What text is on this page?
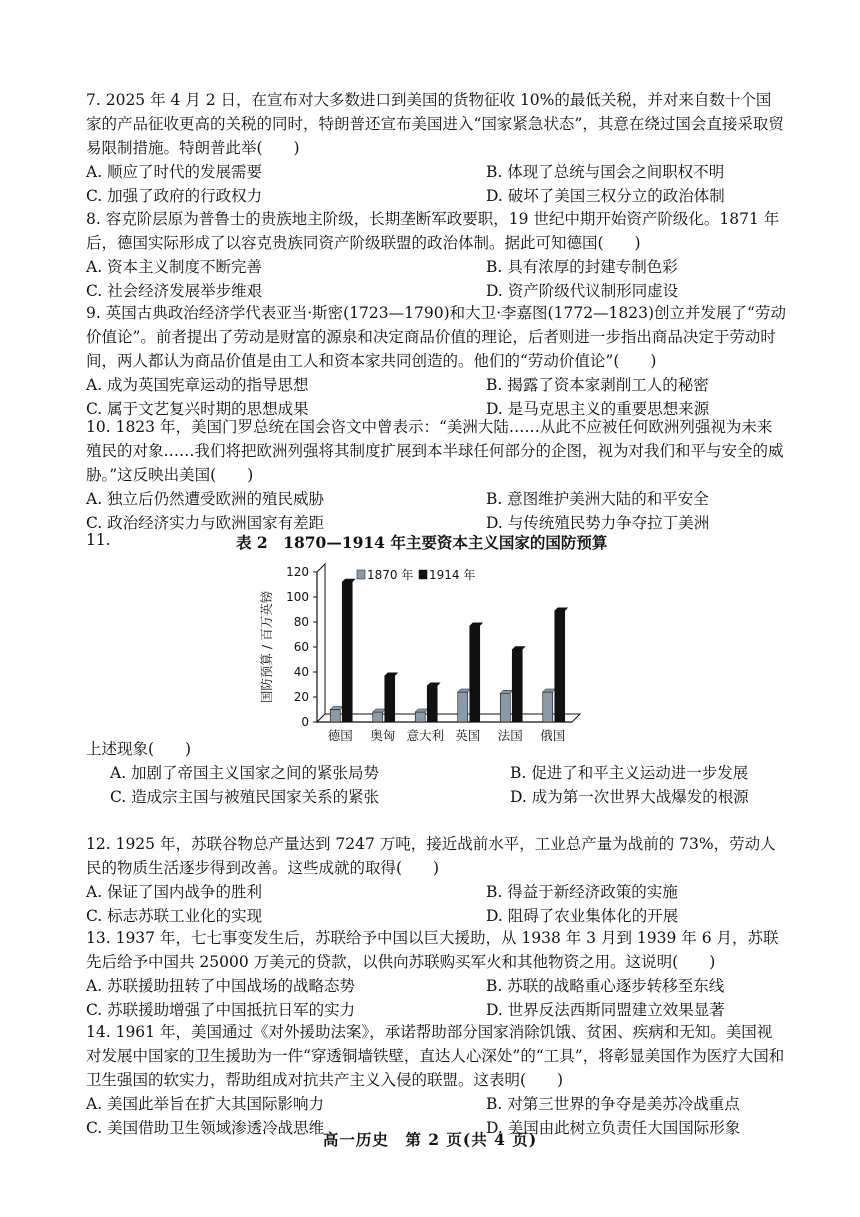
7. 2025 年 4 月 2 日，在宣布对大多数进口到美国的货物征收 10%的最低关税，并对来自数十个国家的产品征收更高的关税的同时，特朗普还宣布美国进入“国家紧急状态”，其意在绕过国会直接采取贸易限制措施。特朗普此举(　　)
A. 顺应了时代的发展需要	B. 体现了总统与国会之间职权不明
C. 加强了政府的行政权力	D. 破坏了美国三权分立的政治体制
8. 容克阶层原为普鲁士的贵族地主阶级，长期垄断军政要职，19 世纪中期开始资产阶级化。1871 年后，德国实际形成了以容克贵族同资产阶级联盟的政治体制。据此可知德国(　　)
A. 资本主义制度不断完善	B. 具有浓厚的封建专制色彩
C. 社会经济发展举步维艰	D. 资产阶级代议制形同虚设
9. 英国古典政治经济学代表亚当·斯密(1723—1790)和大卫·李嘉图(1772—1823)创立并发展了“劳动价值论”。前者提出了劳动是财富的源泉和决定商品价值的理论，后者则进一步指出商品决定于劳动时间，两人都认为商品价值是由工人和资本家共同创造的。他们的“劳动价值论”(　　)
A. 成为英国宪章运动的指导思想	B. 揭露了资本家剥削工人的秘密
C. 属于文艺复兴时期的思想成果	D. 是马克思主义的重要思想来源
10. 1823 年，美国门罗总统在国会咨文中曾表示：“美洲大陆……从此不应被任何欧洲列强视为未来殖民的对象……我们将把欧洲列强将其制度扩展到本半球任何部分的企图，视为对我们和平与安全的威胁。”这反映出美国(　　)
A. 独立后仍然遭受欧洲的殖民威胁	B. 意图维护美洲大陆的和平安全
C. 政治经济实力与欧洲国家有差距	D. 与传统殖民势力争夺拉丁美洲
11.	表 2　1870—1914 年主要资本主义国家的国防预算
0
20
40
60
80
100
120
国防预算 / 百万英镑
德国 奥匈 意大利 英国 法国 俄国
1870 年 1914 年
上述现象(　　)
A. 加剧了帝国主义国家之间的紧张局势	B. 促进了和平主义运动进一步发展
C. 造成宗主国与被殖民国家关系的紧张	D. 成为第一次世界大战爆发的根源
12. 1925 年，苏联谷物总产量达到 7247 万吨，接近战前水平，工业总产量为战前的 73%，劳动人民的物质生活逐步得到改善。这些成就的取得(　　)
A. 保证了国内战争的胜利	B. 得益于新经济政策的实施
C. 标志苏联工业化的实现	D. 阻碍了农业集体化的开展
13. 1937 年，七七事变发生后，苏联给予中国以巨大援助，从 1938 年 3 月到 1939 年 6 月，苏联先后给予中国共 25000 万美元的贷款，以供向苏联购买军火和其他物资之用。这说明(　　)
A. 苏联援助扭转了中国战场的战略态势	B. 苏联的战略重心逐步转移至东线
C. 苏联援助增强了中国抵抗日军的实力	D. 世界反法西斯同盟建立效果显著
14. 1961 年，美国通过《对外援助法案》，承诺帮助部分国家消除饥饿、贫困、疾病和无知。美国视对发展中国家的卫生援助为一件“穿透铜墙铁壁，直达人心深处”的“工具”，将彰显美国作为医疗大国和卫生强国的软实力，帮助组成对抗共产主义入侵的联盟。这表明(　　)
A. 美国此举旨在扩大其国际影响力	B. 对第三世界的争夺是美苏冷战重点
C. 美国借助卫生领域渗透冷战思维	D. 美国由此树立负责任大国国际形象
高一历史　第 2 页(共 4 页)
